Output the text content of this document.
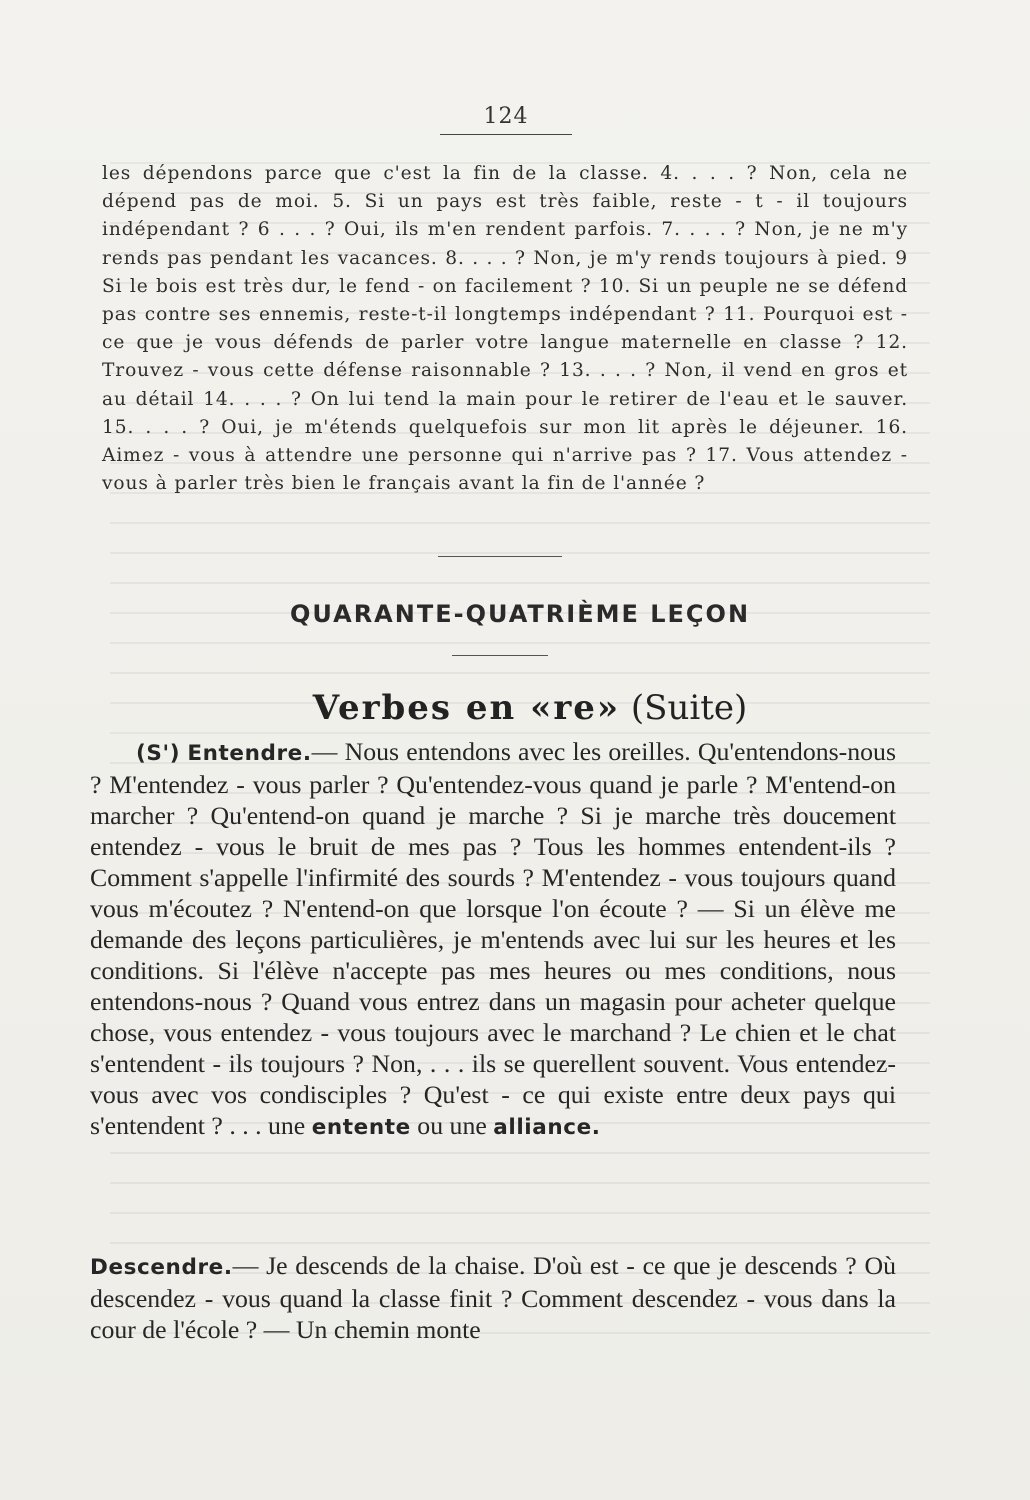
124
les dépendons parce que c'est la fin de la classe. 4. . . . ? Non, cela ne dépend pas de moi. 5. Si un pays est très faible, reste - t - il toujours indépendant ? 6 . . . ? Oui, ils m'en rendent parfois. 7. . . . ? Non, je ne m'y rends pas pendant les vacances. 8. . . . ? Non, je m'y rends toujours à pied. 9 Si le bois est très dur, le fend - on facilement ? 10. Si un peuple ne se défend pas contre ses ennemis, reste-t-il longtemps indépendant ? 11. Pourquoi est - ce que je vous défends de parler votre langue maternelle en classe ? 12. Trouvez - vous cette défense raisonnable ? 13. . . . ? Non, il vend en gros et au détail 14. . . . ? On lui tend la main pour le retirer de l'eau et le sauver. 15. . . . ? Oui, je m'étends quelquefois sur mon lit après le déjeuner. 16. Aimez - vous à attendre une personne qui n'arrive pas ? 17. Vous attendez - vous à parler très bien le français avant la fin de l'année ?
QUARANTE-QUATRIÈME LEÇON
Verbes en «re» (Suite)
(S') Entendre.— Nous entendons avec les oreilles. Qu'entendons-nous ? M'entendez - vous parler ? Qu'entendez-vous quand je parle ? M'entend-on marcher ? Qu'entend-on quand je marche ? Si je marche très doucement entendez - vous le bruit de mes pas ? Tous les hommes entendent-ils ? Comment s'appelle l'infirmité des sourds ? M'entendez - vous toujours quand vous m'écoutez ? N'entend-on que lorsque l'on écoute ? — Si un élève me demande des leçons particulières, je m'entends avec lui sur les heures et les conditions. Si l'élève n'accepte pas mes heures ou mes conditions, nous entendons-nous ? Quand vous entrez dans un magasin pour acheter quelque chose, vous entendez - vous toujours avec le marchand ? Le chien et le chat s'entendent - ils toujours ? Non, . . . ils se querellent souvent. Vous entendez-vous avec vos condisciples ? Qu'est - ce qui existe entre deux pays qui s'entendent ? . . . une entente ou une alliance.
Descendre.— Je descends de la chaise. D'où est - ce que je descends ? Où descendez - vous quand la classe finit ? Comment descendez - vous dans la cour de l'école ? — Un chemin monte
